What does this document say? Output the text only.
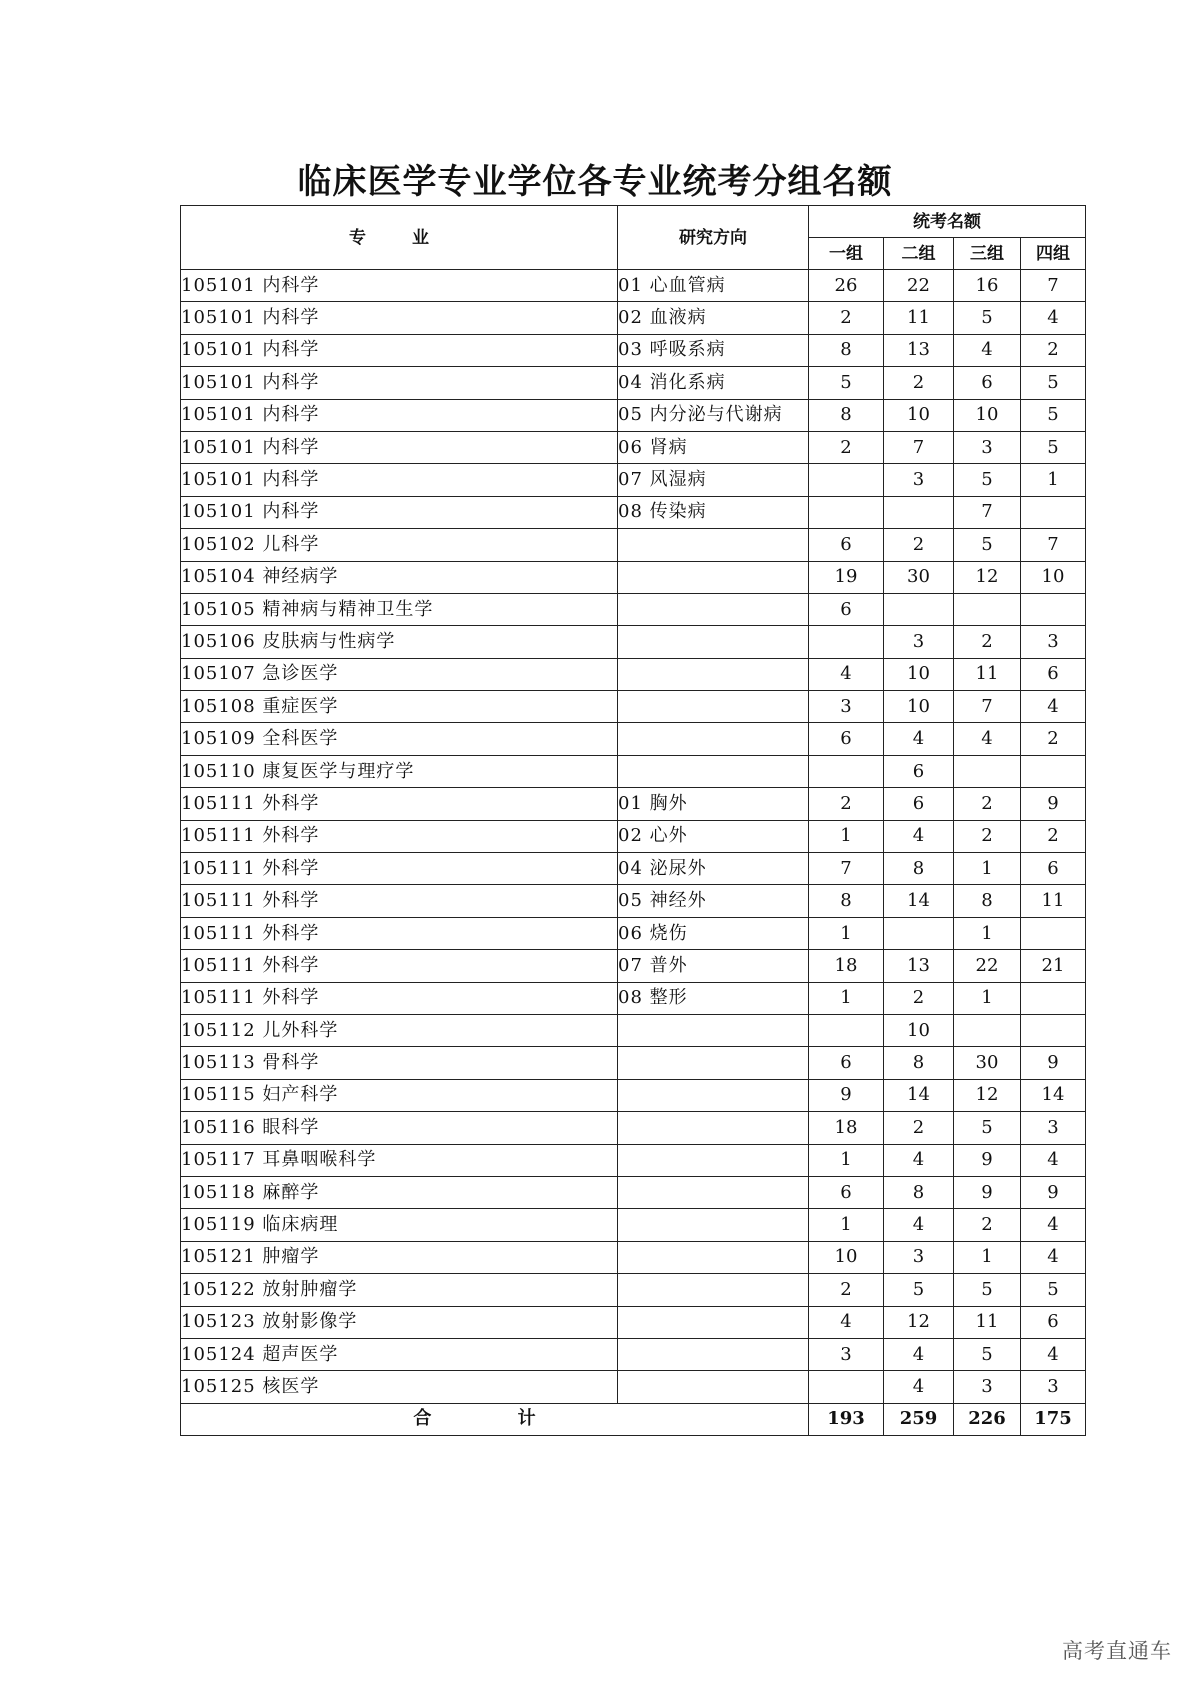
临床医学专业学位各专业统考分组名额
专 业	研究方向	统考名额			
		一组	二组	三组	四组
105101 内科学	01 心血管病	26	22	16	7
105101 内科学	02 血液病	2	11	5	4
105101 内科学	03 呼吸系病	8	13	4	2
105101 内科学	04 消化系病	5	2	6	5
105101 内科学	05 内分泌与代谢病	8	10	10	5
105101 内科学	06 肾病	2	7	3	5
105101 内科学	07 风湿病		3	5	1
105101 内科学	08 传染病			7	
105102 儿科学		6	2	5	7
105104 神经病学		19	30	12	10
105105 精神病与精神卫生学		6			
105106 皮肤病与性病学			3	2	3
105107 急诊医学		4	10	11	6
105108 重症医学		3	10	7	4
105109 全科医学		6	4	4	2
105110 康复医学与理疗学			6		
105111 外科学	01 胸外	2	6	2	9
105111 外科学	02 心外	1	4	2	2
105111 外科学	04 泌尿外	7	8	1	6
105111 外科学	05 神经外	8	14	8	11
105111 外科学	06 烧伤	1		1	
105111 外科学	07 普外	18	13	22	21
105111 外科学	08 整形	1	2	1	
105112 儿外科学			10		
105113 骨科学		6	8	30	9
105115 妇产科学		9	14	12	14
105116 眼科学		18	2	5	3
105117 耳鼻咽喉科学		1	4	9	4
105118 麻醉学		6	8	9	9
105119 临床病理		1	4	2	4
105121 肿瘤学		10	3	1	4
105122 放射肿瘤学		2	5	5	5
105123 放射影像学		4	12	11	6
105124 超声医学		3	4	5	4
105125 核医学			4	3	3
合 计		193	259	226	175
高考直通车
